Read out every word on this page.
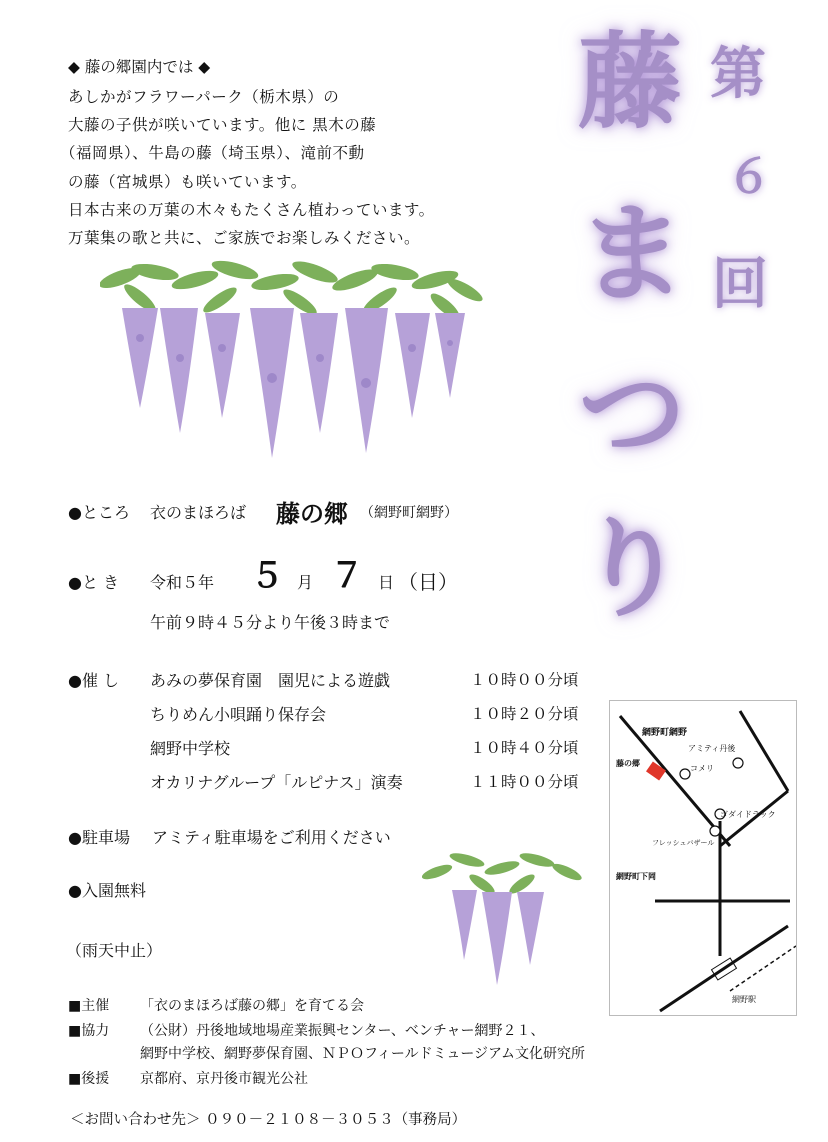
第
６
回
藤
ま
つ
り
◆ 藤の郷園内では ◆
あしかがフラワーパーク（栃木県）の
大藤の子供が咲いています。他に 黒木の藤
（福岡県）、牛島の藤（埼玉県）、滝前不動
の藤（宮城県）も咲いています。
日本古来の万葉の木々もたくさん植わっています。
万葉集の歌と共に、ご家族でお楽しみください。
●ところ 衣のまほろば 藤の郷 （網野町網野）
●と き 令和５年 ５ 月 ７ 日 （日）
午前９時４５分より午後３時まで
●催 し あみの夢保育園　園児による遊戯	１０時００分頃
ちりめん小唄踊り保存会	１０時２０分頃
網野中学校	１０時４０分頃
オカリナグループ「ルピナス」演奏	１１時００分頃
●駐車場 アミティ駐車場をご利用ください
●入園無料
（雨天中止）
網野町網野
アミティ丹後
藤の郷
コメリ
ゴダイドラック
フレッシュバザール
網野町下岡
網野駅
■主催 「衣のまほろば藤の郷」を育てる会
■協力 （公財）丹後地域地場産業振興センター、ベンチャー網野２１、
網野中学校、網野夢保育園、ＮＰＯフィールドミュージアム文化研究所
■後援 京都府、京丹後市観光公社
＜お問い合わせ先＞ ０９０－２１０８－３０５３（事務局）
